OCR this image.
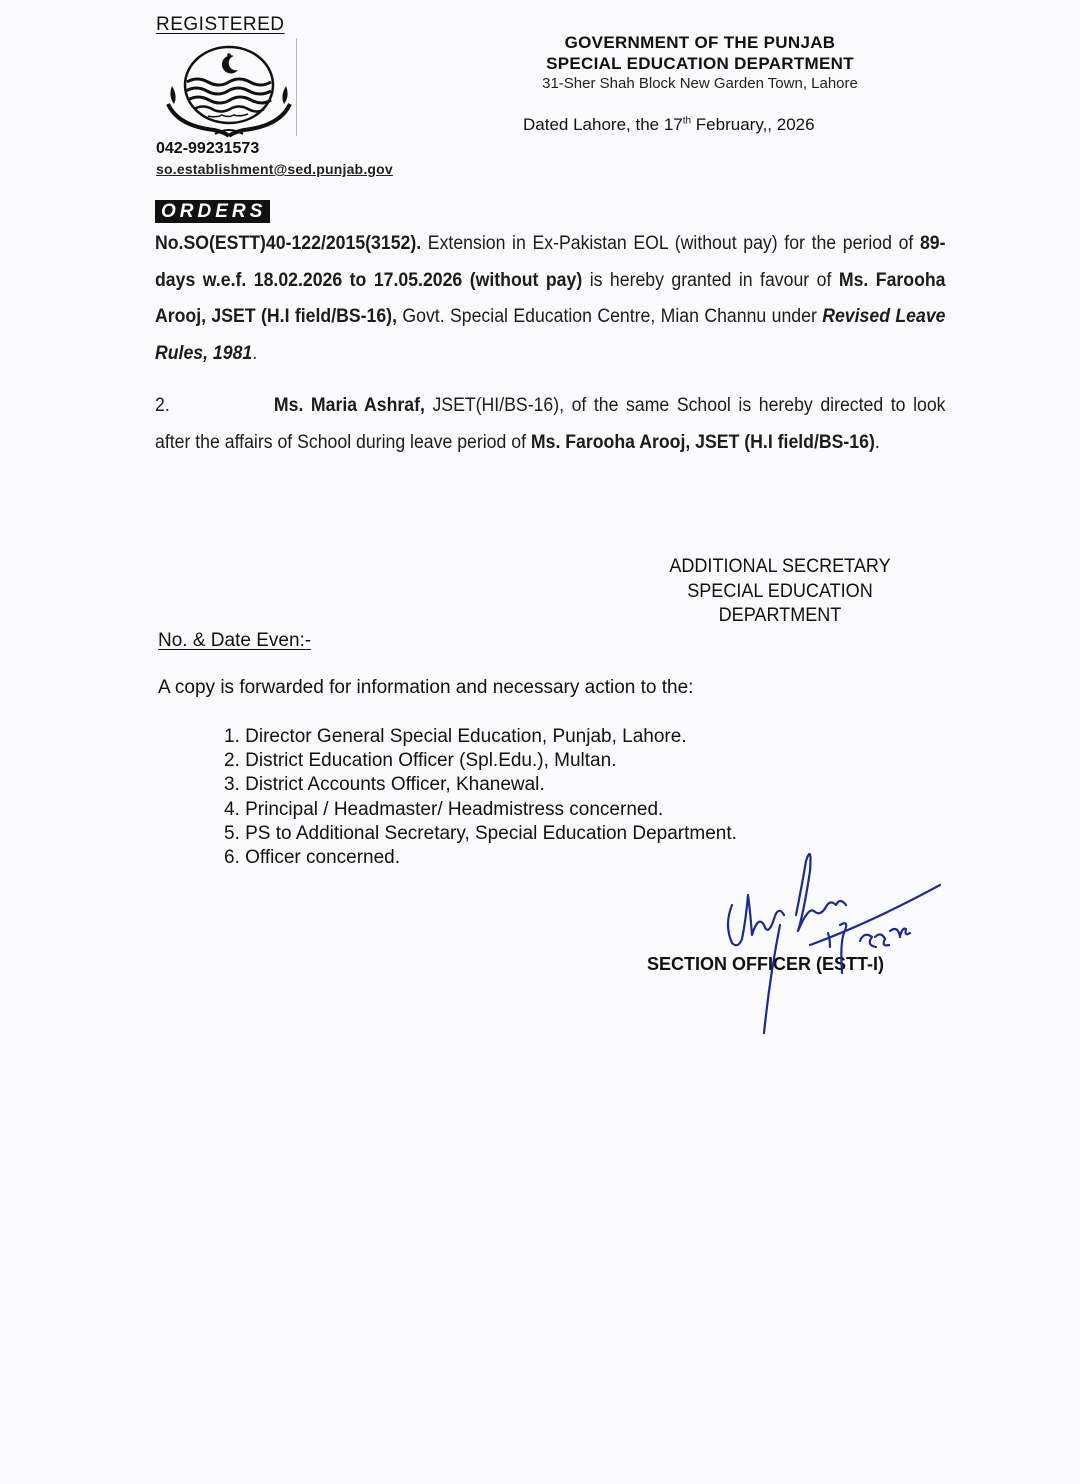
REGISTERED
042-99231573
so.establishment@sed.punjab.gov
GOVERNMENT OF THE PUNJAB
SPECIAL EDUCATION DEPARTMENT
31-Sher Shah Block New Garden Town, Lahore
Dated Lahore, the 17th February,, 2026
ORDERS
No.SO(ESTT)40-122/2015(3152). Extension in Ex-Pakistan EOL (without pay) for the period of 89-days w.e.f. 18.02.2026 to 17.05.2026 (without pay) is hereby granted in favour of Ms. Farooha Arooj, JSET (H.I field/BS-16), Govt. Special Education Centre, Mian Channu under Revised Leave Rules, 1981.
2.	Ms. Maria Ashraf, JSET(HI/BS-16), of the same School is hereby directed to look after the affairs of School during leave period of Ms. Farooha Arooj, JSET (H.I field/BS-16).
ADDITIONAL SECRETARY
SPECIAL EDUCATION
DEPARTMENT
No. & Date Even:-
A copy is forwarded for information and necessary action to the:
1. Director General Special Education, Punjab, Lahore.
2. District Education Officer (Spl.Edu.), Multan.
3. District Accounts Officer, Khanewal.
4. Principal / Headmaster/ Headmistress concerned.
5. PS to Additional Secretary, Special Education Department.
6. Officer concerned.
SECTION OFFICER (ESTT-I)
